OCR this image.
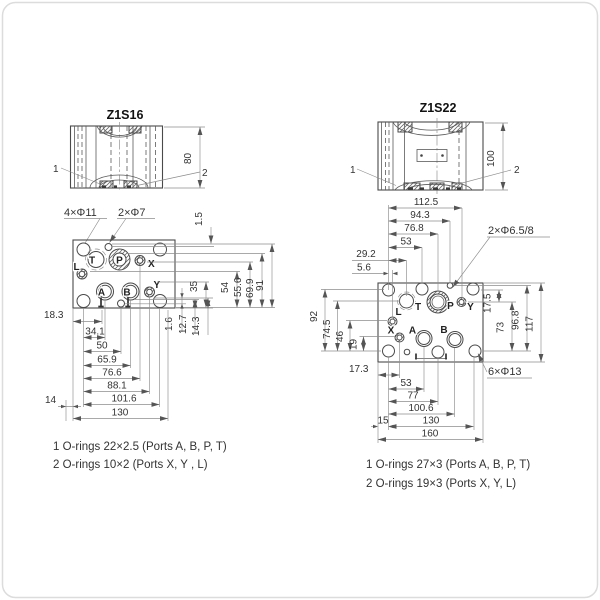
Z1S16
80
1	2
4×Φ11 2×Φ7
T P	X
L
A B
Y
1.5
35 54 55.6 69.9 91
1.6 12.7 14.3
18.3
34.1
50
65.9
76.6
88.1
101.6
14
130
1 O-rings 22×2.5 (Ports A, B, P, T)
2 O-rings 10×2 (Ports X, Y , L)
Z1S22
100
1	2
P
T	Y
L
X A B
2×Φ6.5/8
6×Φ13
112.5
94.3
76.8
53
29.2
5.6
92
74.5 46
19
17.5
73 96.8 117
17.3
53
77
100.6
15	130
160
1 O-rings 27×3 (Ports A, B, P, T)
2 O-rings 19×3 (Ports X, Y, L)
